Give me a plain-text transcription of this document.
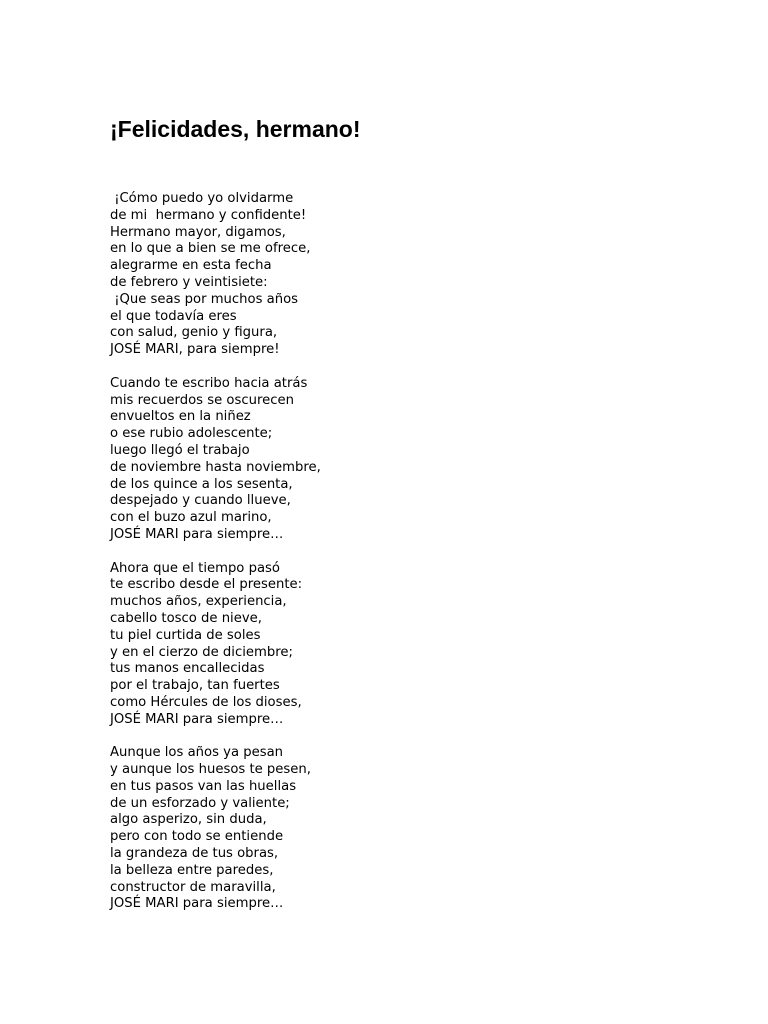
¡Felicidades, hermano!
¡Cómo puedo yo olvidarme
de mi  hermano y confidente!
Hermano mayor, digamos,
en lo que a bien se me ofrece,
alegrarme en esta fecha
de febrero y veintisiete:
¡Que seas por muchos años
el que todavía eres
con salud, genio y figura,
JOSÉ MARI, para siempre!
Cuando te escribo hacia atrás
mis recuerdos se oscurecen
envueltos en la niñez
o ese rubio adolescente;
luego llegó el trabajo
de noviembre hasta noviembre,
de los quince a los sesenta,
despejado y cuando llueve,
con el buzo azul marino,
JOSÉ MARI para siempre…
Ahora que el tiempo pasó
te escribo desde el presente:
muchos años, experiencia,
cabello tosco de nieve,
tu piel curtida de soles
y en el cierzo de diciembre;
tus manos encallecidas
por el trabajo, tan fuertes
como Hércules de los dioses,
JOSÉ MARI para siempre…
Aunque los años ya pesan
y aunque los huesos te pesen,
en tus pasos van las huellas
de un esforzado y valiente;
algo asperizo, sin duda,
pero con todo se entiende
la grandeza de tus obras,
la belleza entre paredes,
constructor de maravilla,
JOSÉ MARI para siempre…
